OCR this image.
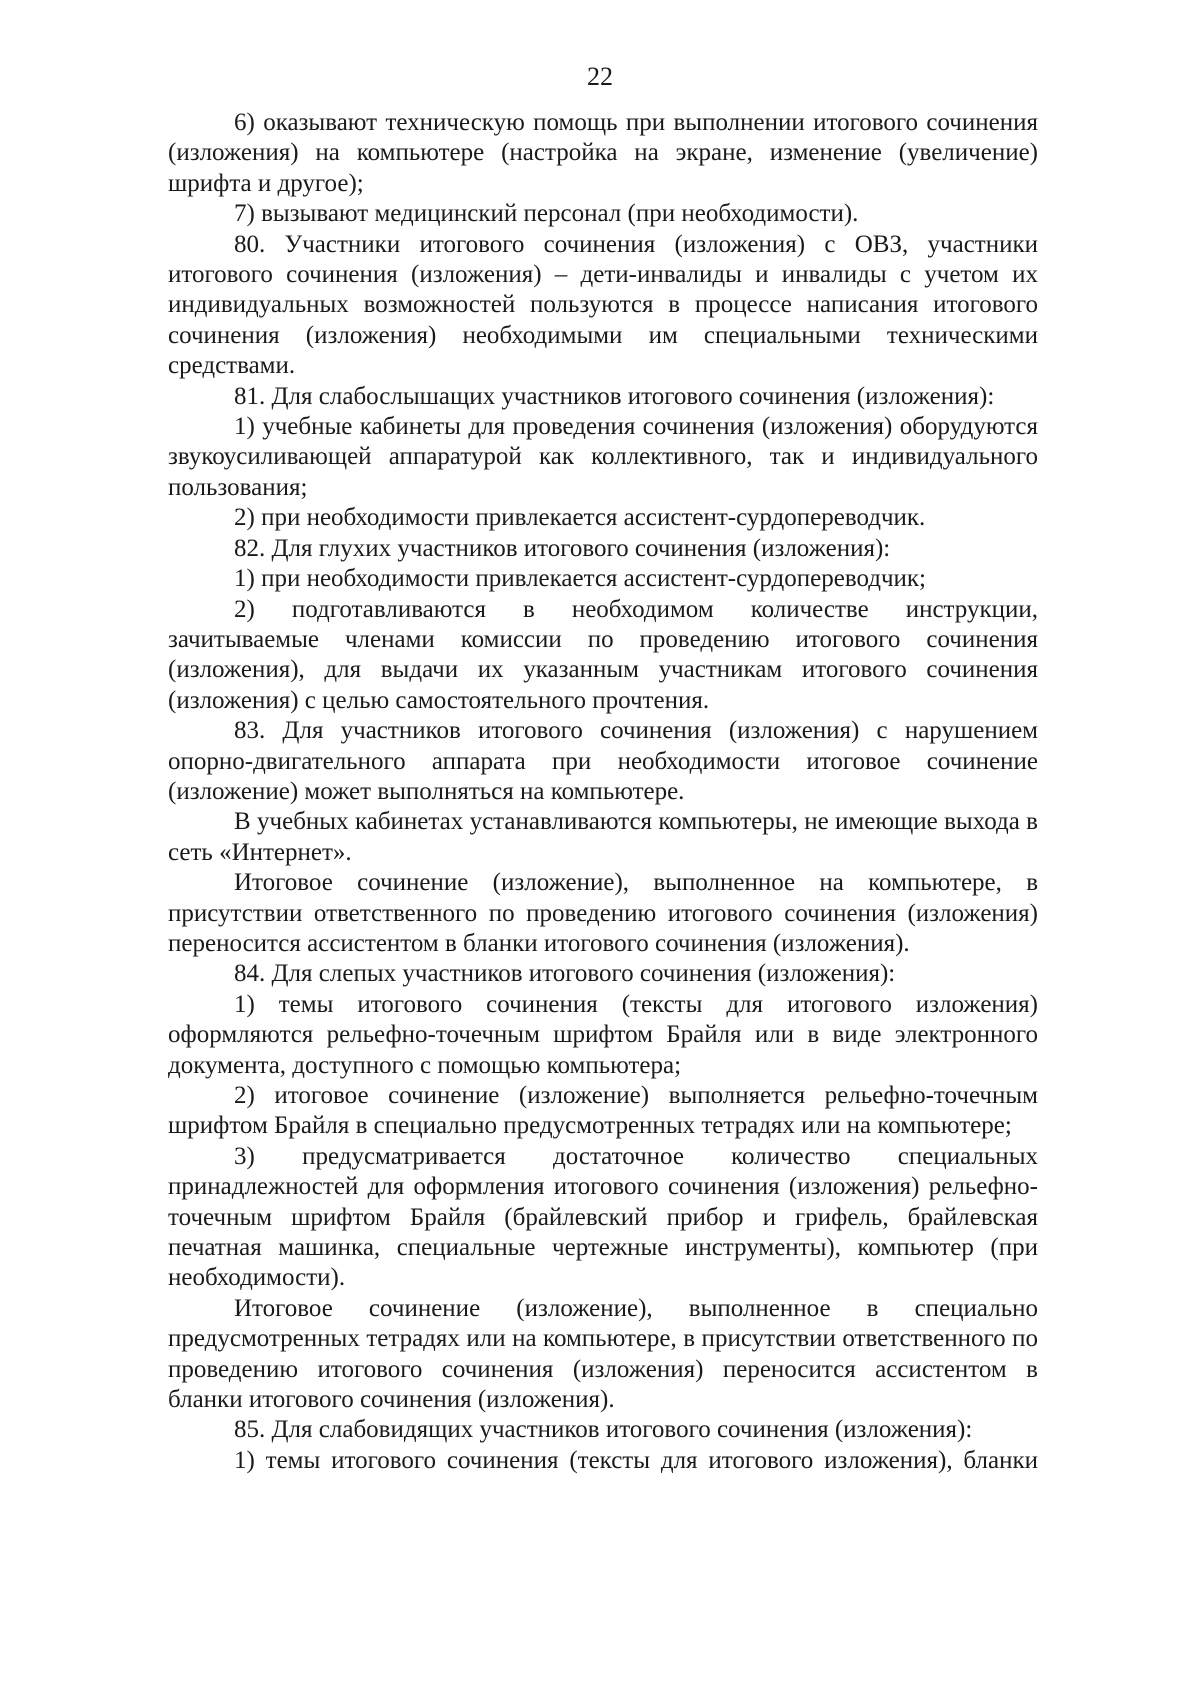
22

6) оказывают техническую помощь при выполнении итогового сочинения (изложения) на компьютере (настройка на экране, изменение (увеличение) шрифта и другое);

7) вызывают медицинский персонал (при необходимости).

80. Участники итогового сочинения (изложения) с ОВЗ, участники итогового сочинения (изложения) – дети-инвалиды и инвалиды с учетом их индивидуальных возможностей пользуются в процессе написания итогового сочинения (изложения) необходимыми им специальными техническими средствами.

81. Для слабослышащих участников итогового сочинения (изложения):

1) учебные кабинеты для проведения сочинения (изложения) оборудуются звукоусиливающей аппаратурой как коллективного, так и индивидуального пользования;

2) при необходимости привлекается ассистент-сурдопереводчик.

82. Для глухих участников итогового сочинения (изложения):

1) при необходимости привлекается ассистент-сурдопереводчик;

2) подготавливаются в необходимом количестве инструкции, зачитываемые членами комиссии по проведению итогового сочинения (изложения), для выдачи их указанным участникам итогового сочинения (изложения) с целью самостоятельного прочтения.

83. Для участников итогового сочинения (изложения) с нарушением опорно-двигательного аппарата при необходимости итоговое сочинение (изложение) может выполняться на компьютере.

В учебных кабинетах устанавливаются компьютеры, не имеющие выхода в сеть «Интернет».

Итоговое сочинение (изложение), выполненное на компьютере, в присутствии ответственного по проведению итогового сочинения (изложения) переносится ассистентом в бланки итогового сочинения (изложения).

84. Для слепых участников итогового сочинения (изложения):

1) темы итогового сочинения (тексты для итогового изложения) оформляются рельефно-точечным шрифтом Брайля или в виде электронного документа, доступного с помощью компьютера;

2) итоговое сочинение (изложение) выполняется рельефно-точечным шрифтом Брайля в специально предусмотренных тетрадях или на компьютере;

3) предусматривается достаточное количество специальных принадлежностей для оформления итогового сочинения (изложения) рельефно-точечным шрифтом Брайля (брайлевский прибор и грифель, брайлевская печатная машинка, специальные чертежные инструменты), компьютер (при необходимости).

Итоговое сочинение (изложение), выполненное в специально предусмотренных тетрадях или на компьютере, в присутствии ответственного по проведению итогового сочинения (изложения) переносится ассистентом в бланки итогового сочинения (изложения).

85. Для слабовидящих участников итогового сочинения (изложения):

1) темы итогового сочинения (тексты для итогового изложения), бланки
